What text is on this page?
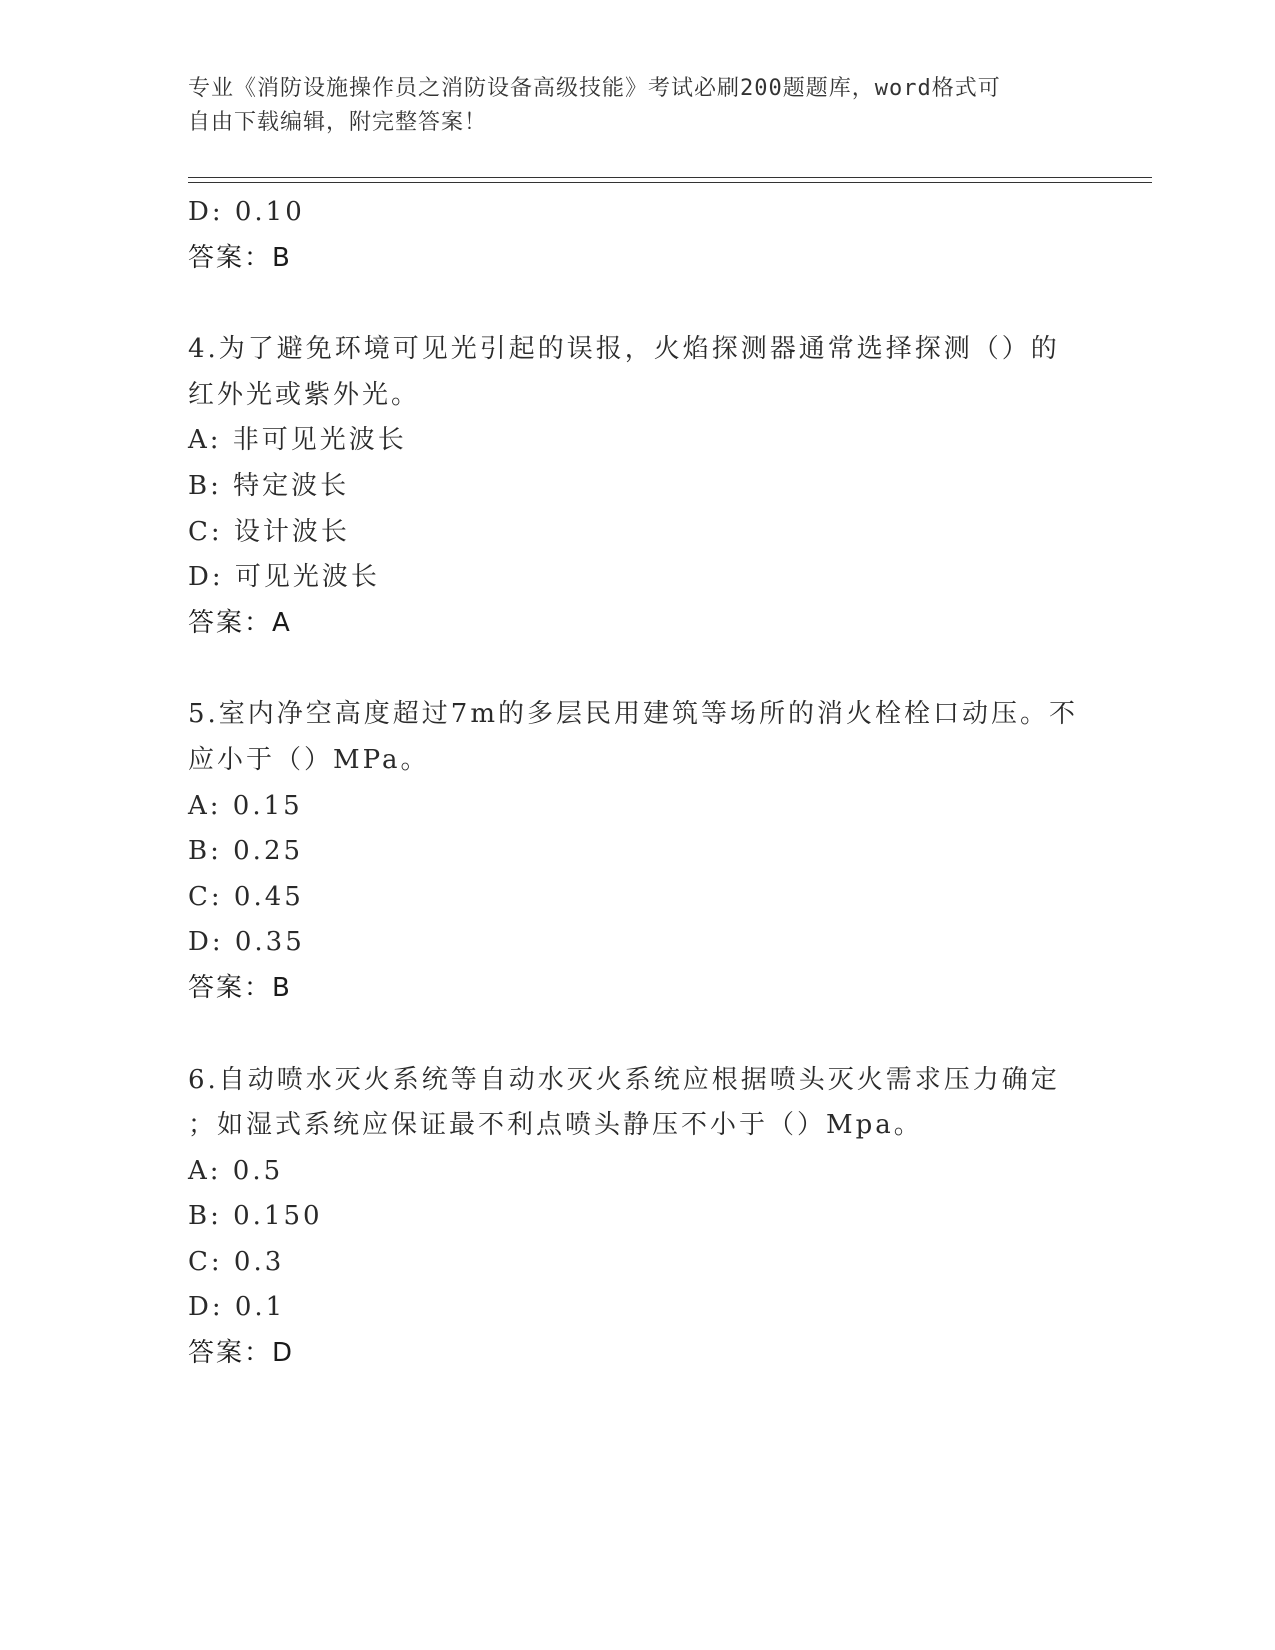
专业《消防设施操作员之消防设备高级技能》考试必刷200题题库，word格式可
自由下载编辑，附完整答案！
D: 0.10
答案：B
4.为了避免环境可见光引起的误报，火焰探测器通常选择探测（）的
红外光或紫外光。
A: 非可见光波长
B: 特定波长
C: 设计波长
D: 可见光波长
答案：A
5.室内净空高度超过7m的多层民用建筑等场所的消火栓栓口动压。不
应小于（）MPa。
A: 0.15
B: 0.25
C: 0.45
D: 0.35
答案：B
6.自动喷水灭火系统等自动水灭火系统应根据喷头灭火需求压力确定
；如湿式系统应保证最不利点喷头静压不小于（）Mpa。
A: 0.5
B: 0.150
C: 0.3
D: 0.1
答案：D
